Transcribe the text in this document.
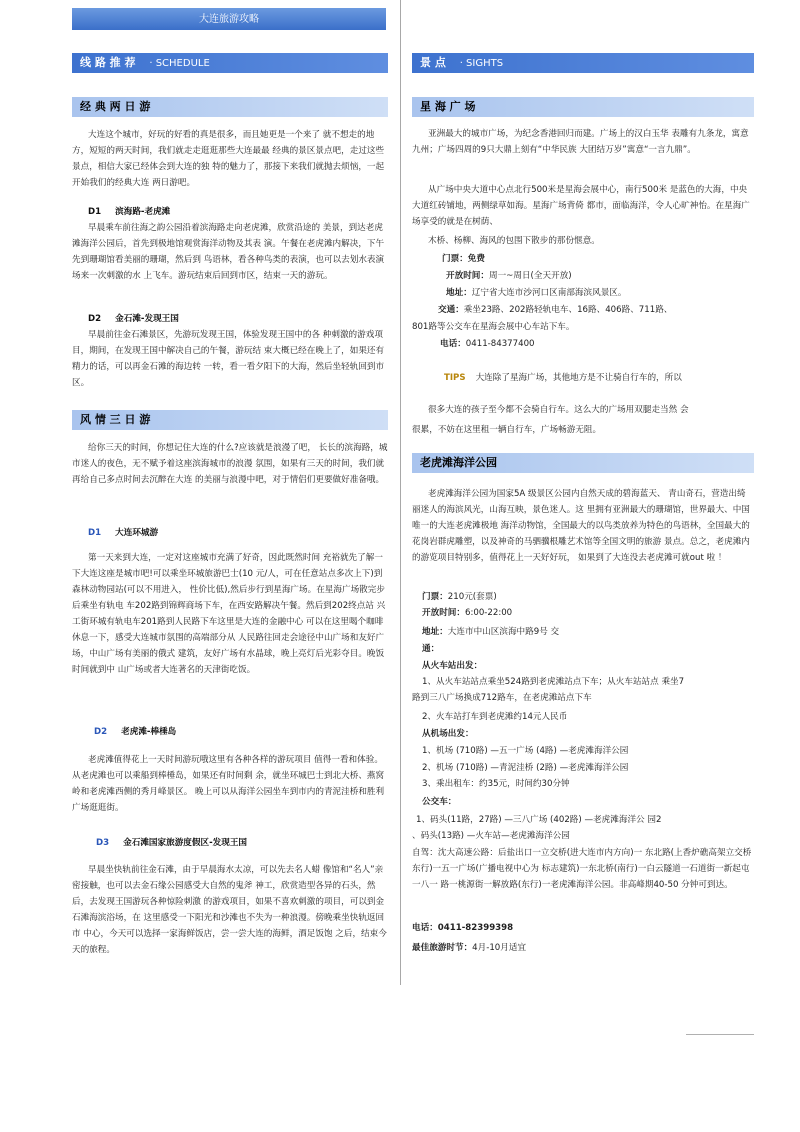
大连旅游攻略
线 路 推 荐 · SCHEDULE
经 典 两 日 游

大连这个城市，好玩的好看的真是很多，而且她更是一个来了 就不想走的地方，短短的两天时间，我们就走走逛逛那些大连最最 经典的景区景点吧，走过这些景点，相信大家已经体会到大连的独 特的魅力了，那接下来我们就抛去烦恼，一起开始我们的经典大连 两日游吧。

D1 滨海路-老虎滩

早晨乘车前往海之韵公园沿着滨海路走向老虎滩，欣赏沿途的 美景，到达老虎滩海洋公园后，首先到极地馆观赏海洋动物及其表 演。午餐在老虎滩内解决，下午先到珊瑚馆看美丽的珊瑚，然后到 鸟语林，看各种鸟类的表演，也可以去划水表演场来一次刺激的水 上飞车。游玩结束后回到市区，结束一天的游玩。

D2 金石滩-发现王国

早晨前往金石滩景区，先游玩发现王国，体验发现王国中的各 种刺激的游戏项目，期间，在发现王国中解决自己的午餐，游玩结 束大概已经在晚上了，如果还有精力的话，可以再金石滩的海边转 一转，看一看夕阳下的大海，然后坐轻轨回到市区。

风 情 三 日 游

给你三天的时间，你想记住大连的什么?应该就是浪漫了吧， 长长的滨海路，城市迷人的夜色，无不赋予着这座滨海城市的浪漫 氛围，如果有三天的时间，我们就再给自己多点时间去沉醉在大连 的美丽与浪漫中吧，对于情侣们更要做好准备哦。

D1 大连环城游

第一天来到大连，一定对这座城市充满了好奇，因此既然时间 充裕就先了解一下大连这座是城市吧!可以乘坐环城旅游巴士(10 元/人，可在任意站点多次上下)到森林动物园站(可以不用进入， 性价比低),然后步行到星海广场。在星海广场散完步后乘坐有轨电 车202路到锦辉商场下车，在西安路解决午餐。然后到202终点站 兴工街环城有轨电车201路到人民路下车这里是大连的金融中心 可以在这里喝个咖啡休息一下，感受大连城市氛围的高端部分从 人民路往回走会途径中山广场和友好广场，中山广场有美丽的俄式 建筑，友好广场有水晶球，晚上亮灯后光彩夺目。晚饭时间就到中 山广场或者大连著名的天津街吃饭。

D2 老虎滩-棒棰岛

老虎滩值得花上一天时间游玩哦这里有各种各样的游玩项目 值得一看和体验。从老虎滩也可以乘船到棒棰岛，如果还有时间剩 余，就坐环城巴士到北大桥、燕窝岭和老虎滩西侧的秀月峰景区。 晚上可以从海洋公园坐车到市内的青泥洼桥和胜利广场逛逛街。

D3 金石滩国家旅游度假区-发现王国

早晨坐快轨前往金石滩，由于早晨海水太凉，可以先去名人蜡 像馆和“名人”亲密接触，也可以去金石缘公园感受大自然的鬼斧 神工，欣赏造型各异的石头，然后，去发现王国游玩各种惊险刺激 的游戏项目，如果不喜欢刺激的项目，可以到金石滩海滨浴场，在 这里感受一下阳光和沙滩也不失为一种浪漫。傍晚乘坐快轨返回市 中心，今天可以选择一家海鲜饭店，尝一尝大连的海鲜，酒足饭饱 之后，结束今天的旅程。

景 点 · SIGHTS
星 海 广 场

亚洲最大的城市广场，为纪念香港回归而建。广场上的汉白玉华 表雕有九条龙，寓意九州；广场四周的9只大鼎上刻有“中华民族 大团结万岁”寓意“一言九鼎”。

从广场中央大道中心点北行500米是星海会展中心，南行500米 是蓝色的大海，中央大道红砖铺地，两侧绿草如海。星海广场背倚 都市，面临海洋，令人心旷神怡。在星海广场享受的就是在树荫、

木桥、杨柳、海风的包围下散步的那份惬意。
门票：免费
开放时间：周一~周日(全天开放)
地址：辽宁省大连市沙河口区南部海滨风景区。
交通：乘坐23路、202路轻轨电车、16路、406路、711路、
801路等公交车在星海会展中心车站下车。
电话：0411-84377400
TIPS 大连除了星海广场，其他地方是不让骑自行车的，所以
很多大连的孩子至今都不会骑自行车。这么大的广场用双腿走当然 会
很累，不妨在这里租一辆自行车，广场畅游无阻。
老虎滩海洋公园

老虎滩海洋公园为国家5A 级景区公园内自然天成的碧海蓝天、 青山奇石，营造出绮丽迷人的海滨风光，山海互映，景色迷人。这 里拥有亚洲最大的珊瑚馆，世界最大、中国唯一的大连老虎滩极地 海洋动物馆，全国最大的以鸟类放养为特色的鸟语林，全国最大的 花岗岩群虎雕塑，以及神奇的马驷骥根雕艺术馆等全国文明的旅游 景点。总之，老虎滩内的游览项目特别多，值得花上一天好好玩， 如果到了大连没去老虎滩可就out 啦 ！

门票：210元(套票)
开放时间：6:00-22:00
地址：大连市中山区滨海中路9号 交
通：
从火车站出发：
1、从火车站站点乘坐524路到老虎滩站点下车；从火车站站点 乘坐7
路到三八广场换成712路车，在老虎滩站点下车
2、火车站打车到老虎滩约14元人民币
从机场出发：
1、机场 (710路) —五一广场 (4路) —老虎滩海洋公园
2、机场 (710路) —青泥洼桥 (2路) —老虎滩海洋公园
3、乘出租车：约35元，时间约30分钟
公交车：
1、码头(11路，27路) —三八广场 (402路) —老虎滩海洋公 园2
、码头(13路) —火车站—老虎滩海洋公园

自驾：沈大高速公路：后盐出口一立交桥(进大连市内方向)一 东北路(上香炉礁高架立交桥东行)一五一广场(广播电视中心为 标志建筑)一东北桥(南行)一白云隧道一石道街一新起屯一八一 路一桃源街一解放路(东行)一老虎滩海洋公园。非高峰期40-50 分钟可到达。

电话：0411-82399398
最佳旅游时节：4月-10月适宜
